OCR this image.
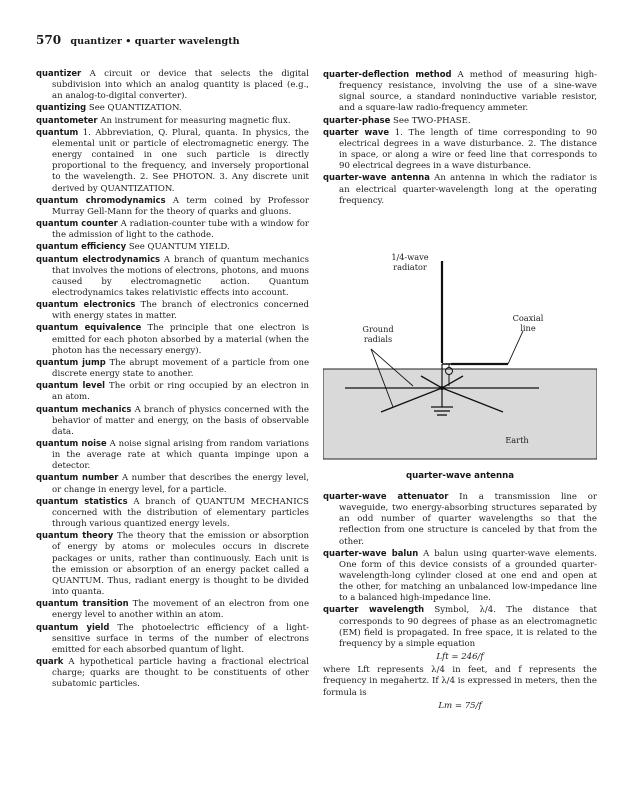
570 quantizer • quarter wavelength

quantizer A circuit or device that selects the digital subdivision into which an analog quantity is placed (e.g., an analog-to-digital converter).

quantizing See QUANTIZATION.

quantometer An instrument for measuring magnetic flux.

quantum 1. Abbreviation, Q. Plural, quanta. In physics, the elemental unit or particle of electromagnetic energy. The energy contained in one such particle is directly proportional to the frequency, and inversely proportional to the wavelength. 2. See PHOTON. 3. Any discrete unit derived by QUANTIZATION.

quantum chromodynamics A term coined by Professor Murray Gell-Mann for the theory of quarks and gluons.

quantum counter A radiation-counter tube with a window for the admission of light to the cathode.

quantum efficiency See QUANTUM YIELD.

quantum electrodynamics A branch of quantum mechanics that involves the motions of electrons, photons, and muons caused by electromagnetic action. Quantum electrodynamics takes relativistic effects into account.

quantum electronics The branch of electronics concerned with energy states in matter.

quantum equivalence The principle that one electron is emitted for each photon absorbed by a material (when the photon has the necessary energy).

quantum jump The abrupt movement of a particle from one discrete energy state to another.

quantum level The orbit or ring occupied by an electron in an atom.

quantum mechanics A branch of physics concerned with the behavior of matter and energy, on the basis of observable data.

quantum noise A noise signal arising from random variations in the average rate at which quanta impinge upon a detector.

quantum number A number that describes the energy level, or change in energy level, for a particle.

quantum statistics A branch of QUANTUM MECHANICS concerned with the distribution of elementary particles through various quantized energy levels.

quantum theory The theory that the emission or absorption of energy by atoms or molecules occurs in discrete packages or units, rather than continuously. Each unit is the emission or absorption of an energy packet called a QUANTUM. Thus, radiant energy is thought to be divided into quanta.

quantum transition The movement of an electron from one energy level to another within an atom.

quantum yield The photoelectric efficiency of a light-sensitive surface in terms of the number of electrons emitted for each absorbed quantum of light.

quark A hypothetical particle having a fractional electrical charge; quarks are thought to be constituents of other subatomic particles.

quarter-deflection method A method of measuring high-frequency resistance, involving the use of a sine-wave signal source, a standard noninductive variable resistor, and a square-law radio-frequency ammeter.

quarter-phase See TWO-PHASE.

quarter wave 1. The length of time corresponding to 90 electrical degrees in a wave disturbance. 2. The distance in space, or along a wire or feed line that corresponds to 90 electrical degrees in a wave disturbance.

quarter-wave antenna An antenna in which the radiator is an electrical quarter-wavelength long at the operating frequency.

1/4-wave
radiator
Coaxial
line
Ground
radials
Earth
quarter-wave antenna

quarter-wave attenuator In a transmission line or waveguide, two energy-absorbing structures separated by an odd number of quarter wavelengths so that the reflection from one structure is canceled by that from the other.

quarter-wave balun A balun using quarter-wave elements. One form of this device consists of a grounded quarter-wavelength-long cylinder closed at one end and open at the other, for matching an unbalanced low-impedance line to a balanced high-impedance line.

quarter wavelength Symbol, λ/4. The distance that corresponds to 90 degrees of phase as an electromagnetic (EM) field is propagated. In free space, it is related to the frequency by a simple equation

Lft = 246/f

where Lft represents λ/4 in feet, and f represents the frequency in megahertz. If λ/4 is expressed in meters, then the formula is

Lm = 75/f
